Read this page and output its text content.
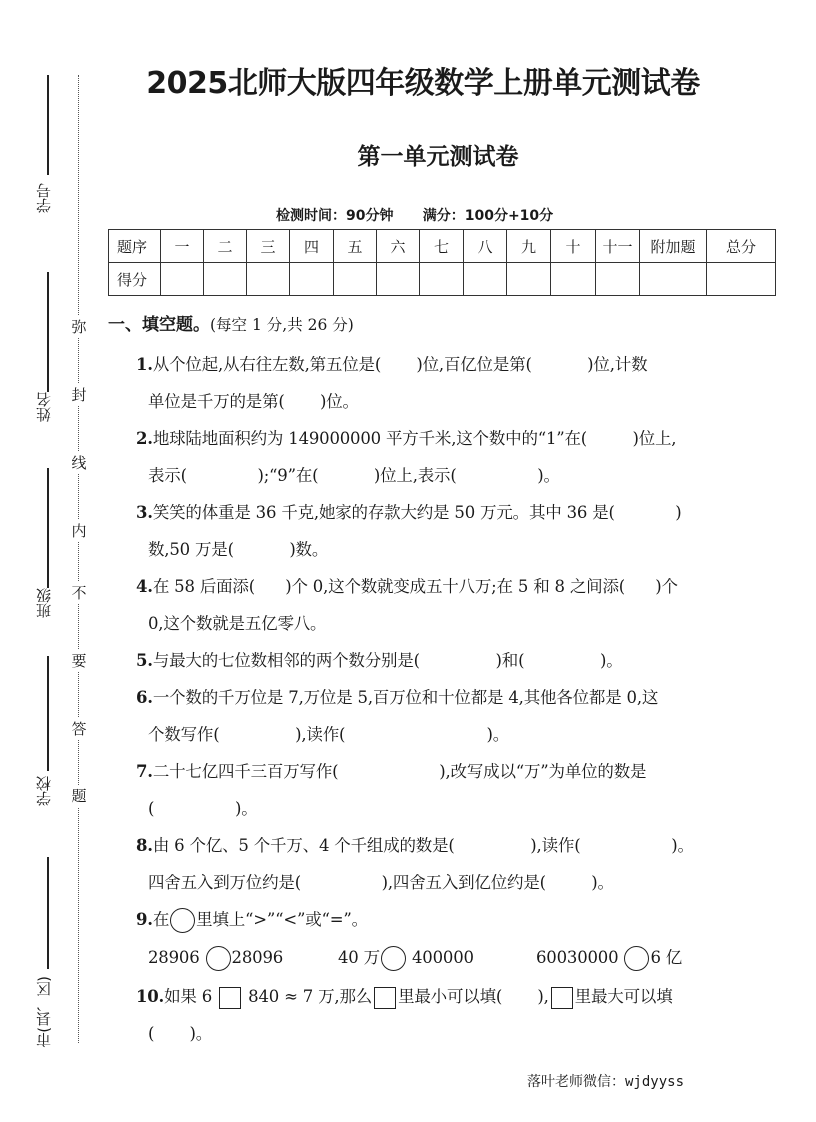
学号
姓名
班级
学校
市(县、区)
弥
封
线
内
不
要
答
题
2025北师大版四年级数学上册单元测试卷
第一单元测试卷
检测时间：90分钟      满分：100分+10分
题序	一	二	三	四	五	六	七	八	九	十	十一	附加题	总分
得分													
一、填空题。(每空 1 分,共 26 分)
1.从个位起,从右往左数,第五位是(       )位,百亿位是第(           )位,计数
单位是千万的是第(       )位。
2.地球陆地面积约为 149000000 平方千米,这个数中的“1”在(         )位上,
表示(              );“9”在(           )位上,表示(                )。
3.笑笑的体重是 36 千克,她家的存款大约是 50 万元。其中 36 是(            )
数,50 万是(           )数。
4.在 58 后面添(      )个 0,这个数就变成五十八万;在 5 和 8 之间添(      )个
0,这个数就是五亿零八。
5.与最大的七位数相邻的两个数分别是(               )和(               )。
6.一个数的千万位是 7,万位是 5,百万位和十位都是 4,其他各位都是 0,这
个数写作(               ),读作(                            )。
7.二十七亿四千三百万写作(                    ),改写成以“万”为单位的数是
(                )。
8.由 6 个亿、5 个千万、4 个千组成的数是(               ),读作(                  )。
四舍五入到万位约是(                ),四舍五入到亿位约是(         )。
9.在 里填上“>”“<”或“=”。
28906 28096	40 万 400000	60030000 6 亿
10.如果 6 840 ≈ 7 万,那么 里最小可以填(       ), 里最大可以填
(       )。
落叶老师微信：wjdyyss
